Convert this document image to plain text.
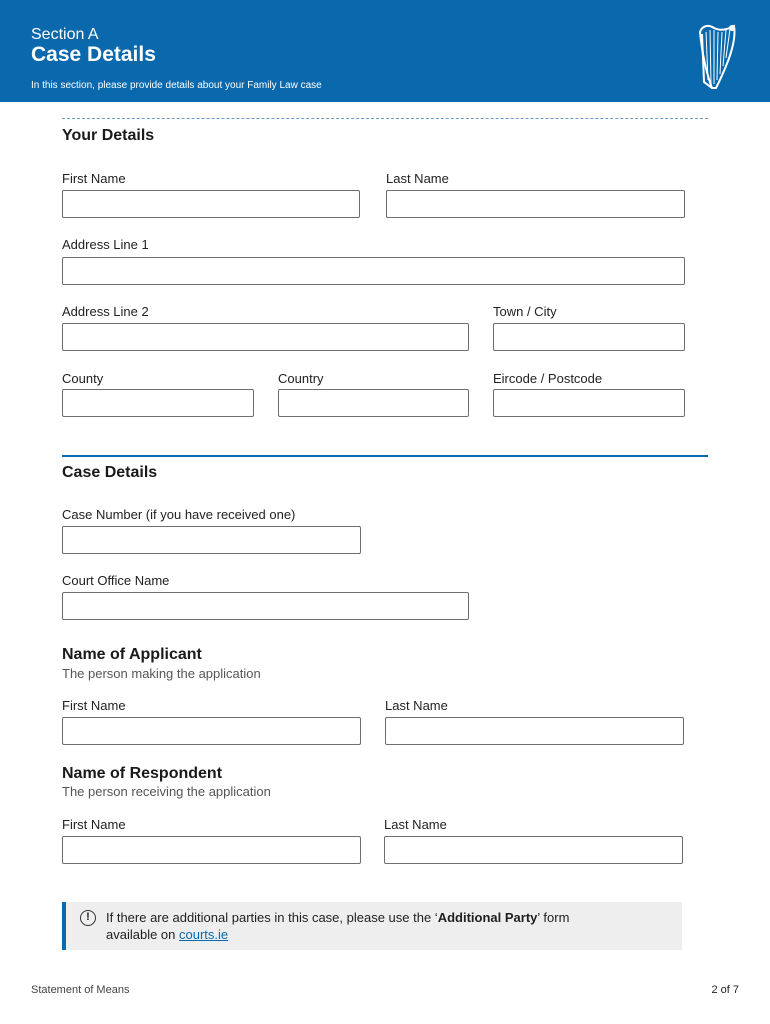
Section A
Case Details
In this section, please provide details about your Family Law case
Your Details
First Name	Last Name
Address Line 1
Address Line 2	Town / City
County	Country	Eircode / Postcode
Case Details
Case Number (if you have received one)
Court Office Name
Name of Applicant
The person making the application
First Name	Last Name
Name of Respondent
The person receiving the application
First Name	Last Name
!	If there are additional parties in this case, please use the ‘Additional Party’ form
available on courts.ie
Statement of Means	2 of 7
